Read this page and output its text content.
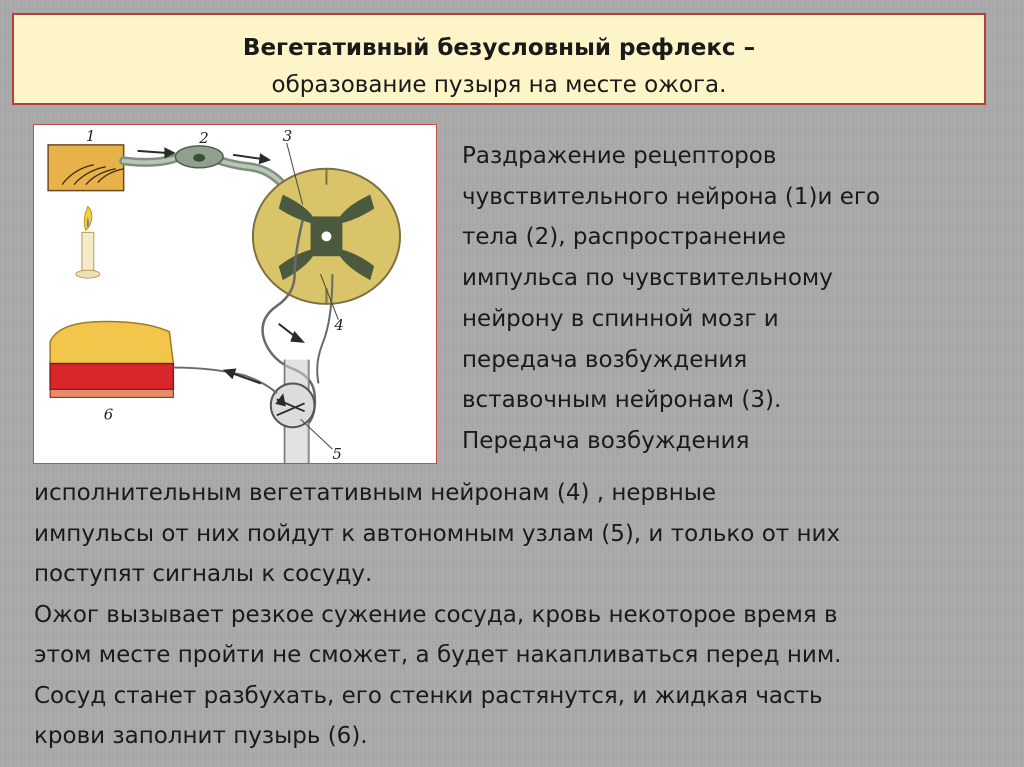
Вегетативный безусловный рефлекс –
образование пузыря на месте ожога.
1	2	3
4
5
6
Раздражение рецепторов
чувствительного нейрона (1)и его
тела (2), распространение
импульса по чувствительному
нейрону в спинной мозг и
передача возбуждения
вставочным нейронам (3).
Передача возбуждения
исполнительным вегетативным нейронам (4) , нервные
импульсы от них пойдут к автономным узлам (5), и только от них
поступят сигналы к сосуду.
Ожог вызывает резкое сужение сосуда, кровь некоторое время в
этом месте пройти не сможет, а будет накапливаться перед ним.
Сосуд станет разбухать, его стенки растянутся, и жидкая часть
крови заполнит пузырь (6).
